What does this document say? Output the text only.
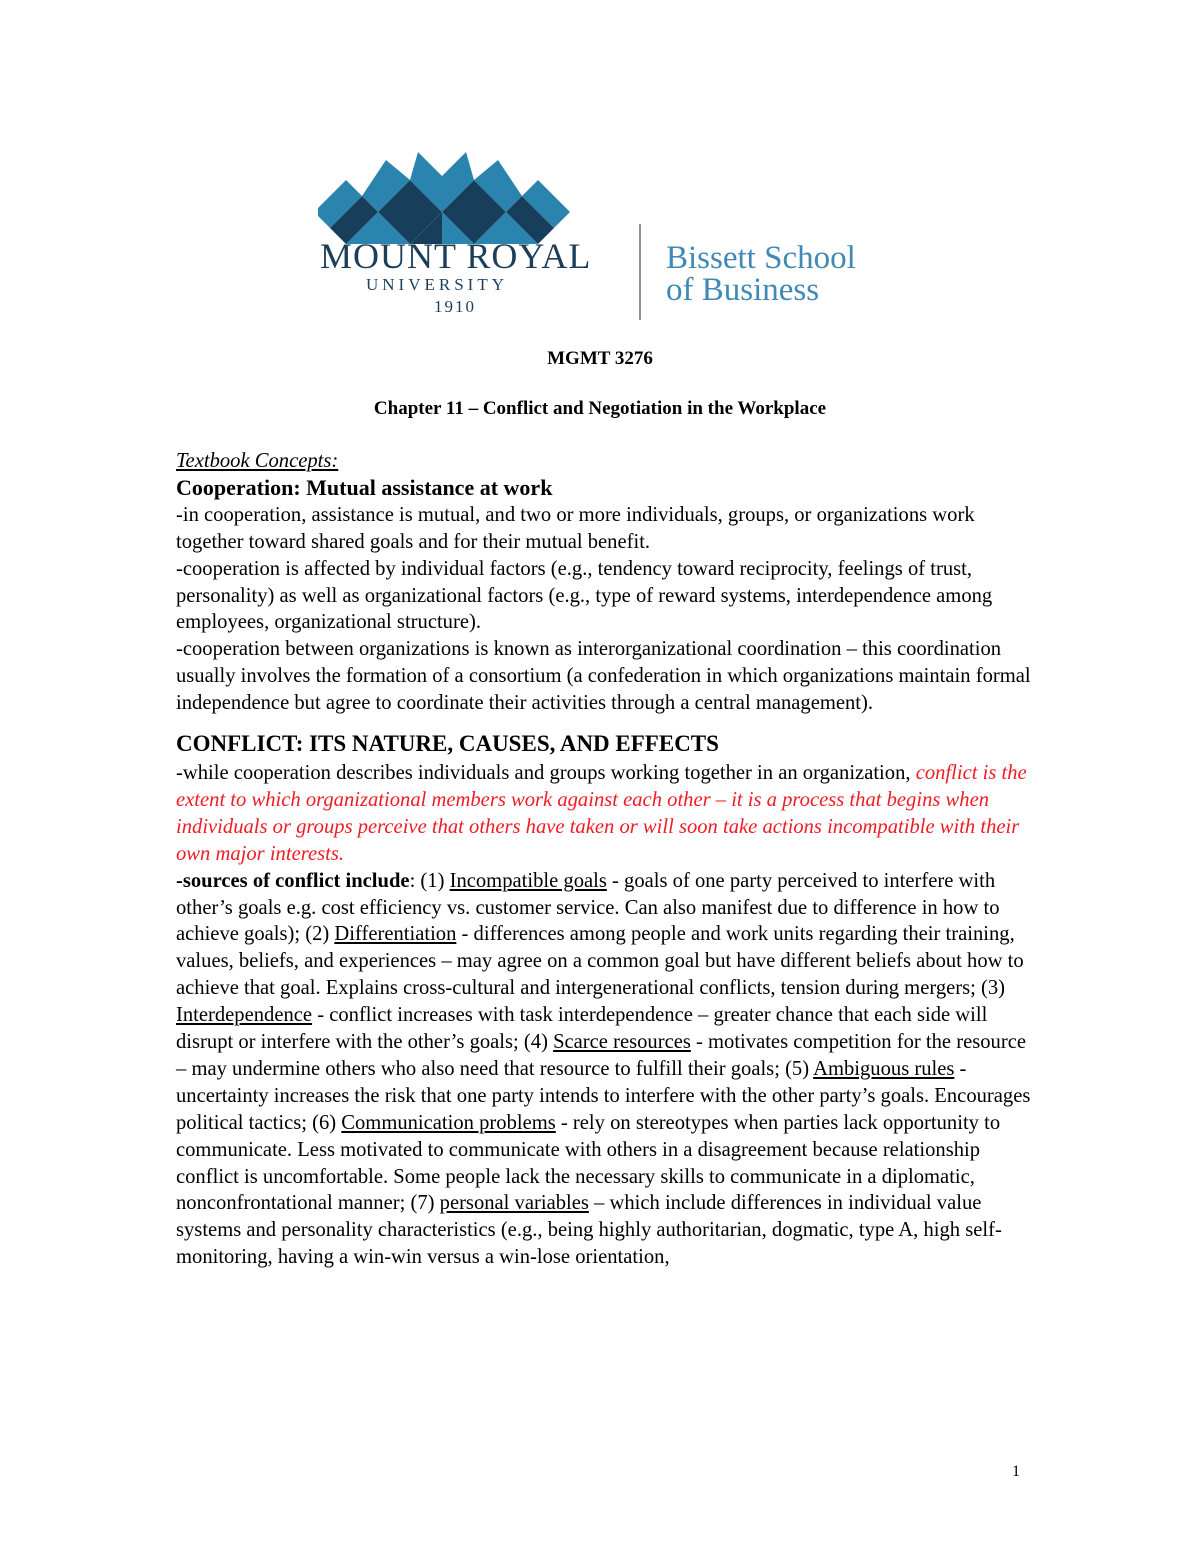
MOUNT ROYAL
UNIVERSITY
1910
Bissett School
of Business
MGMT 3276
Chapter 11 – Conflict and Negotiation in the Workplace

Textbook Concepts:

Cooperation: Mutual assistance at work

-in cooperation, assistance is mutual, and two or more individuals, groups, or organizations work together toward shared goals and for their mutual benefit.

-cooperation is affected by individual factors (e.g., tendency toward reciprocity, feelings of trust, personality) as well as organizational factors (e.g., type of reward systems, interdependence among employees, organizational structure).

-cooperation between organizations is known as interorganizational coordination – this coordination usually involves the formation of a consortium (a confederation in which organizations maintain formal independence but agree to coordinate their activities through a central management).

CONFLICT: ITS NATURE, CAUSES, AND EFFECTS

-while cooperation describes individuals and groups working together in an organization, conflict is the extent to which organizational members work against each other – it is a process that begins when individuals or groups perceive that others have taken or will soon take actions incompatible with their own major interests.

-sources of conflict include: (1) Incompatible goals - goals of one party perceived to interfere with other’s goals e.g. cost efficiency vs. customer service. Can also manifest due to difference in how to achieve goals); (2) Differentiation - differences among people and work units regarding their training, values, beliefs, and experiences – may agree on a common goal but have different beliefs about how to achieve that goal. Explains cross-cultural and intergenerational conflicts, tension during mergers; (3) Interdependence - conflict increases with task interdependence – greater chance that each side will disrupt or interfere with the other’s goals; (4) Scarce resources - motivates competition for the resource – may undermine others who also need that resource to fulfill their goals; (5) Ambiguous rules - uncertainty increases the risk that one party intends to interfere with the other party’s goals. Encourages political tactics; (6) Communication problems - rely on stereotypes when parties lack opportunity to communicate. Less motivated to communicate with others in a disagreement because relationship conflict is uncomfortable. Some people lack the necessary skills to communicate in a diplomatic, nonconfrontational manner; (7) personal variables – which include differences in individual value systems and personality characteristics (e.g., being highly authoritarian, dogmatic, type A, high self-monitoring, having a win-win versus a win-lose orientation,

1
